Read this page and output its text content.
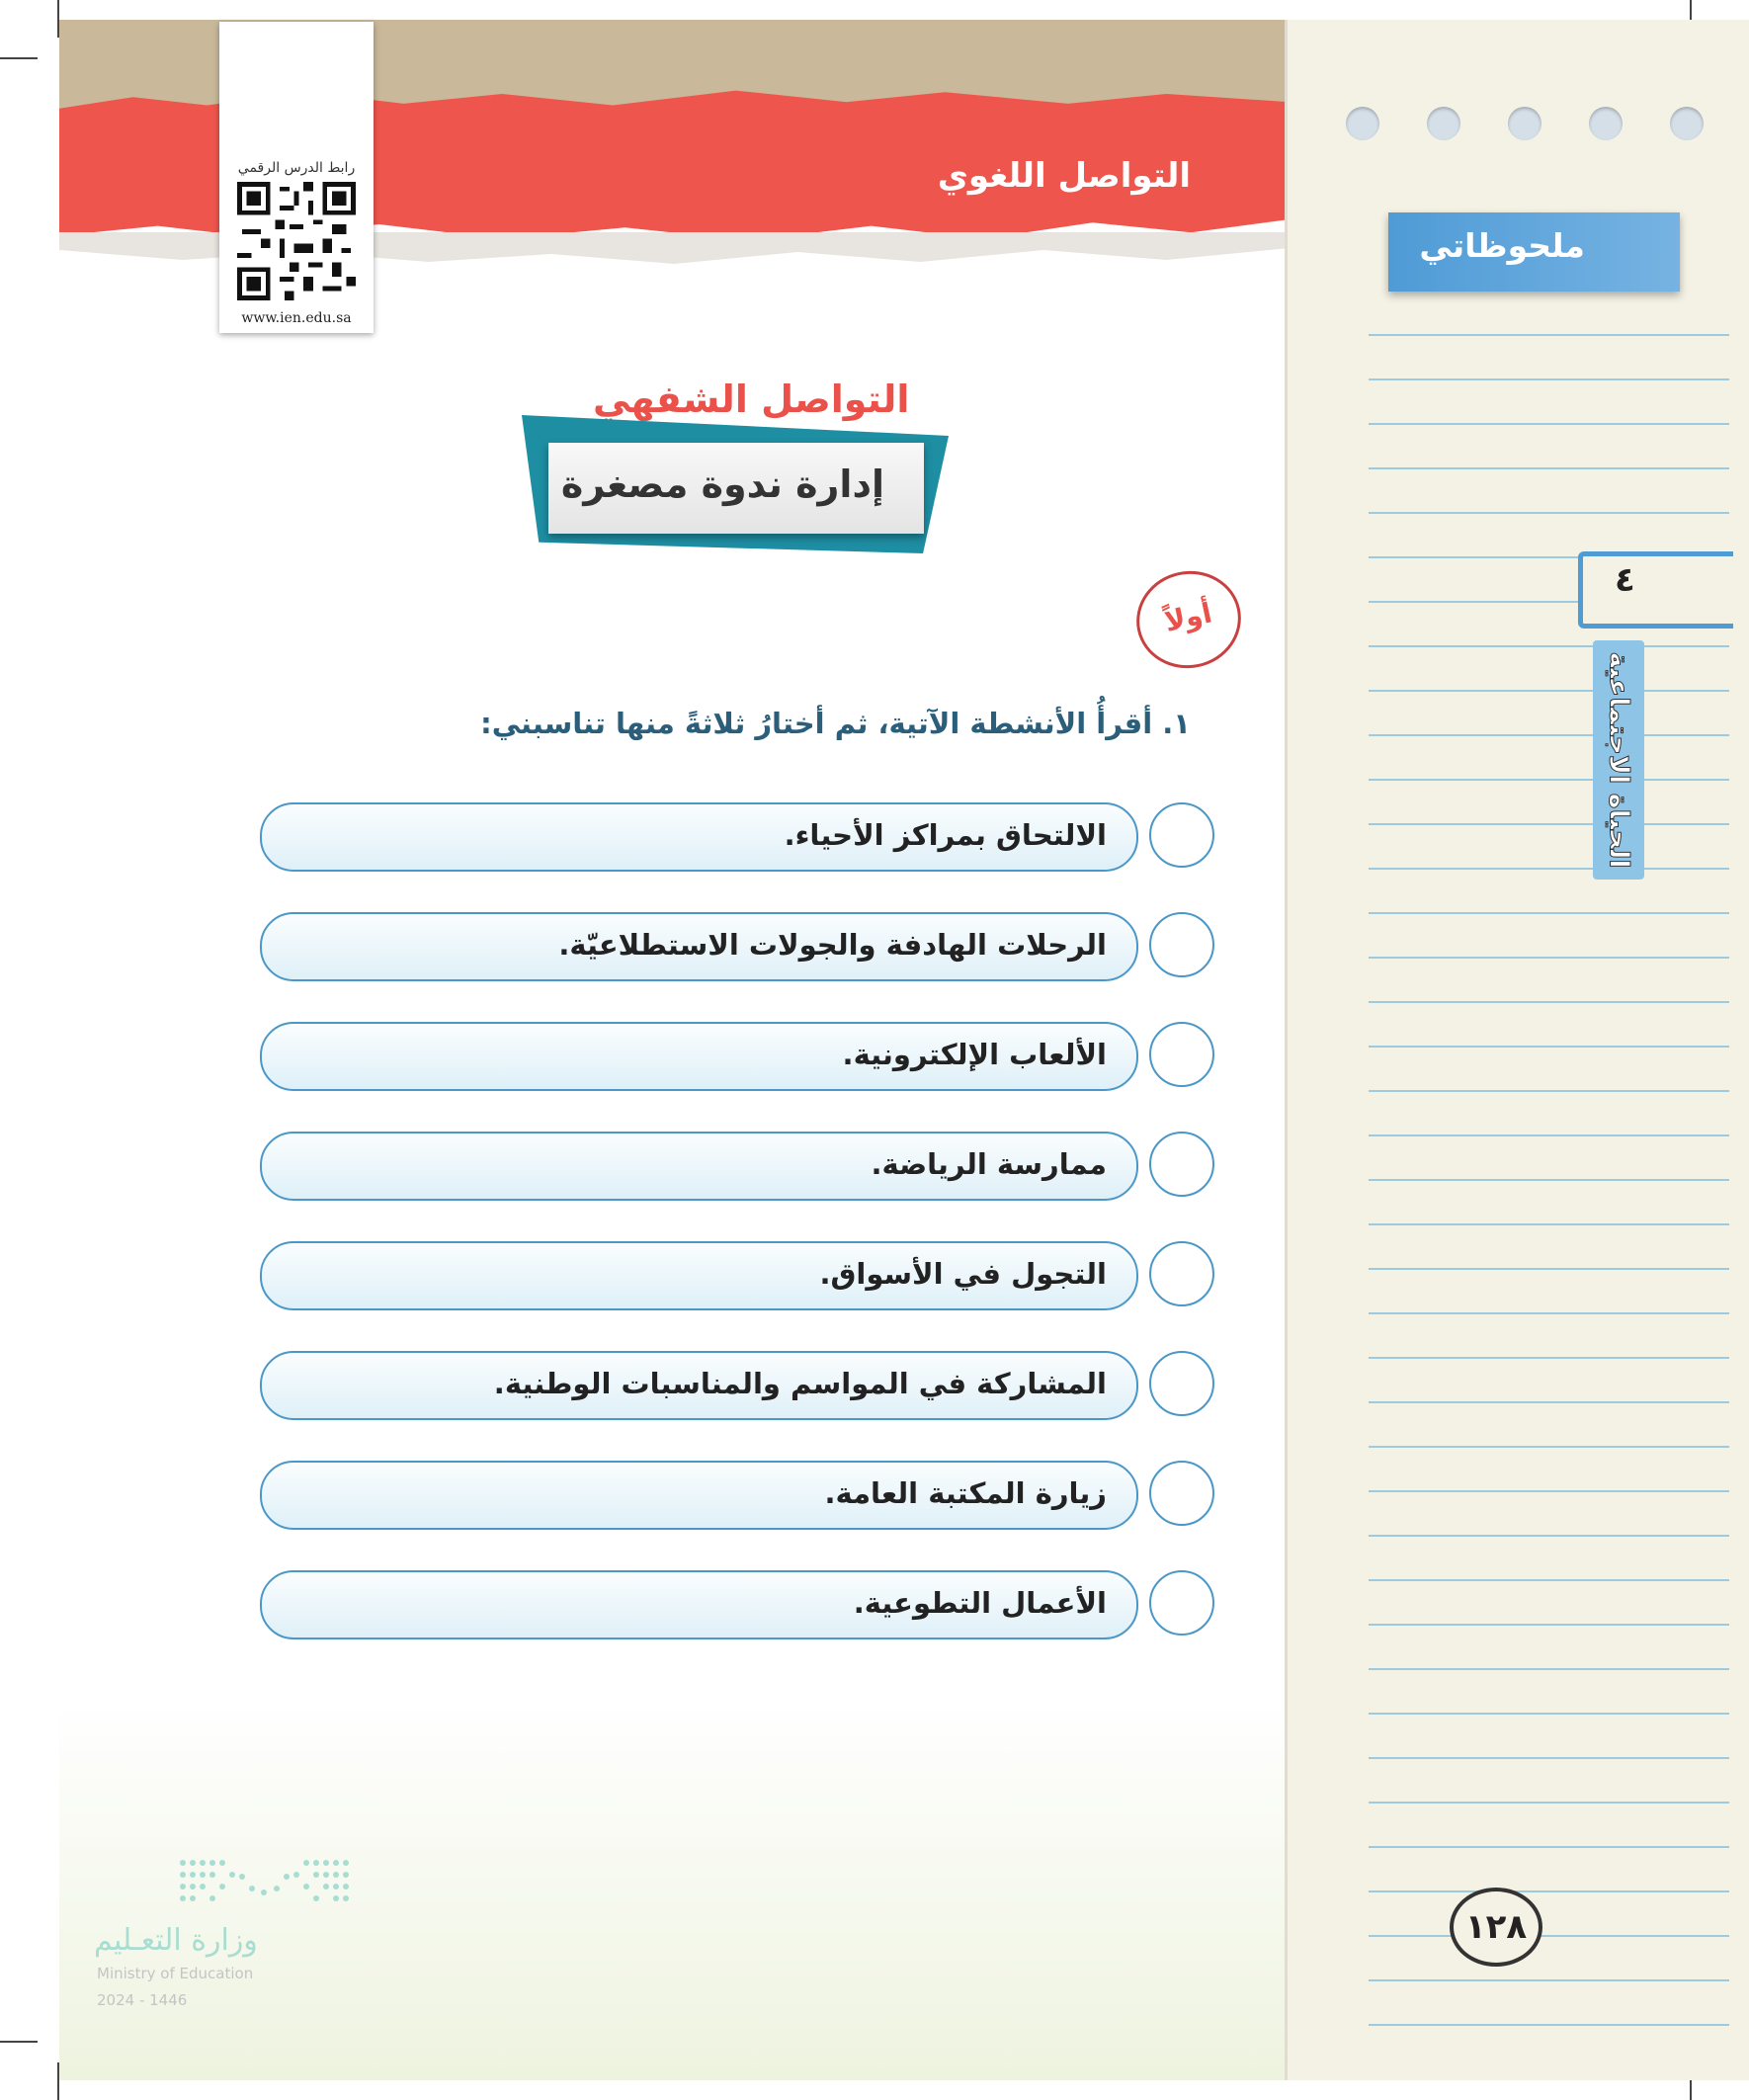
التواصل اللغوي
رابط الدرس الرقمي
www.ien.edu.sa
ملحوظاتي
٤
الحياة الاجتماعية
١٢٨
التواصل الشفهي
إدارة ندوة مصغرة
أولاً
١. أقرأُ الأنشطة الآتية، ثم أختارُ ثلاثةً منها تناسبني:
الالتحاق بمراكز الأحياء.
الرحلات الهادفة والجولات الاستطلاعيّة.
الألعاب الإلكترونية.
ممارسة الرياضة.
التجول في الأسواق.
المشاركة في المواسم والمناسبات الوطنية.
زيارة المكتبة العامة.
الأعمال التطوعية.
وزارة التعـليم
Ministry of Education
2024 - 1446
